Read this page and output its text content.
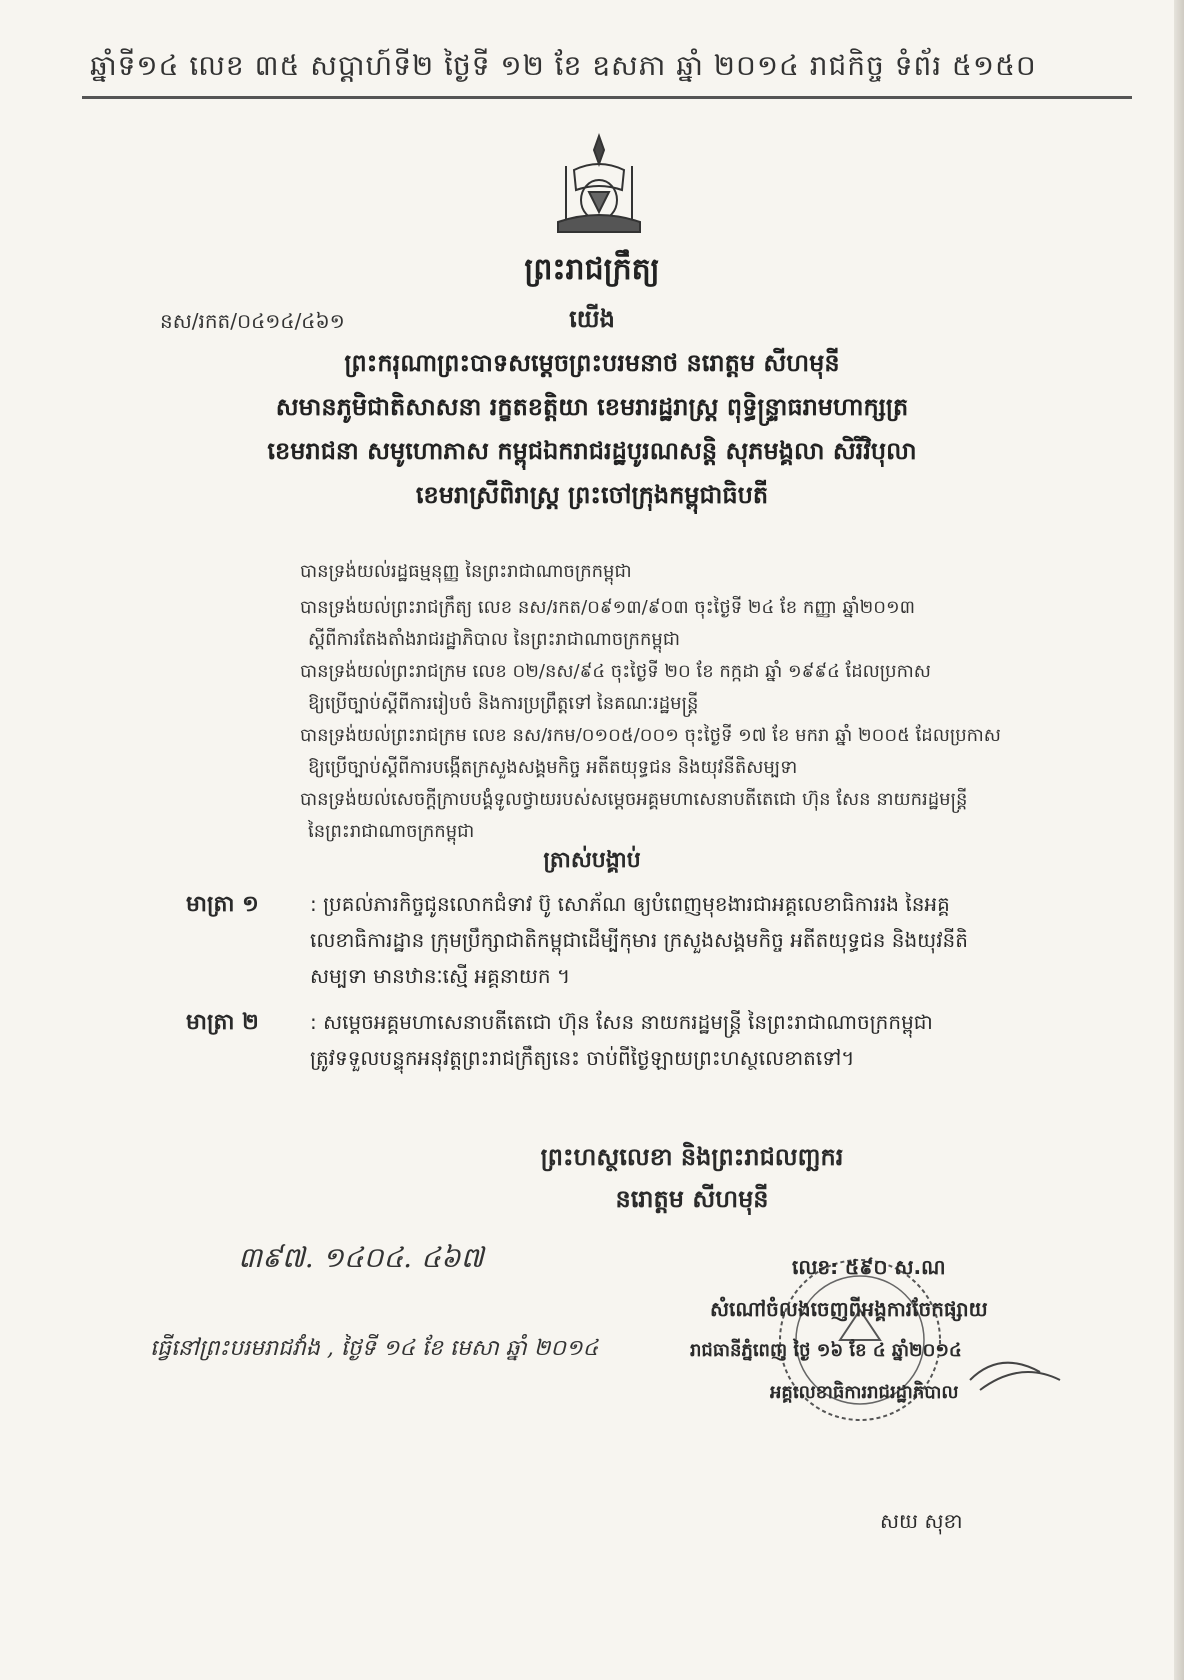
ឆ្នាំទី១៤ លេខ ៣៥ សប្តាហ៍ទី២ ថ្ងៃទី ១២ ខែ ឧសភា ឆ្នាំ ២០១៤ រាជកិច្ច ទំព័រ ៥១៥០
ព្រះរាជក្រឹត្យ
នស/រកត/០៤១៤/៤៦១	យើង
ព្រះករុណាព្រះបាទសម្តេចព្រះបរមនាថ នរោត្តម សីហមុនី
សមានភូមិជាតិសាសនា រក្ខតខត្តិយា ខេមរារដ្ឋរាស្ត្រ ពុទ្ធិន្ទ្រាធរាមហាក្សត្រ
ខេមរាជនា សមូហោភាស កម្ពុជឯករាជរដ្ឋបូរណសន្តិ សុភមង្គលា សិរីវិបុលា
ខេមរាស្រីពិរាស្ត្រ ព្រះចៅក្រុងកម្ពុជាធិបតី
បានទ្រង់យល់រដ្ឋធម្មនុញ្ញ នៃព្រះរាជាណាចក្រកម្ពុជា
បានទ្រង់យល់ព្រះរាជក្រឹត្យ លេខ នស/រកត/០៩១៣/៩០៣ ចុះថ្ងៃទី ២៤ ខែ កញ្ញា ឆ្នាំ២០១៣
ស្តីពីការតែងតាំងរាជរដ្ឋាភិបាល នៃព្រះរាជាណាចក្រកម្ពុជា
បានទ្រង់យល់ព្រះរាជក្រម លេខ ០២/នស/៩៤ ចុះថ្ងៃទី ២០ ខែ កក្កដា ឆ្នាំ ១៩៩៤ ដែលប្រកាស
ឱ្យប្រើច្បាប់ស្តីពីការរៀបចំ និងការប្រព្រឹត្តទៅ នៃគណៈរដ្ឋមន្ត្រី
បានទ្រង់យល់ព្រះរាជក្រម លេខ នស/រកម/០១០៥/០០១ ចុះថ្ងៃទី ១៧ ខែ មករា ឆ្នាំ ២០០៥ ដែលប្រកាស
ឱ្យប្រើច្បាប់ស្តីពីការបង្កើតក្រសួងសង្គមកិច្ច អតីតយុទ្ធជន និងយុវនីតិសម្បទា
បានទ្រង់យល់សេចក្តីក្រាបបង្គំទូលថ្វាយរបស់សម្តេចអគ្គមហាសេនាបតីតេជោ ហ៊ុន សែន នាយករដ្ឋមន្ត្រី
នៃព្រះរាជាណាចក្រកម្ពុជា
ត្រាស់បង្គាប់
មាត្រា ១	: ប្រគល់ភារកិច្ចជូនលោកជំទាវ ប៊ូ សោភ័ណ ឲ្យបំពេញមុខងារជាអគ្គលេខាធិការរង នៃអគ្គ
លេខាធិការដ្ឋាន ក្រុមប្រឹក្សាជាតិកម្ពុជាដើម្បីកុមារ ក្រសួងសង្គមកិច្ច អតីតយុទ្ធជន និងយុវនីតិ
សម្បទា មានឋានៈស្មើ អគ្គនាយក ។
មាត្រា ២	: សម្តេចអគ្គមហាសេនាបតីតេជោ ហ៊ុន សែន នាយករដ្ឋមន្ត្រី នៃព្រះរាជាណាចក្រកម្ពុជា
ត្រូវទទួលបន្ទុកអនុវត្តព្រះរាជក្រឹត្យនេះ ចាប់ពីថ្ងៃឡាយព្រះហស្ថលេខាតទៅ។
ព្រះហស្ថលេខា និងព្រះរាជលញ្ឆករ
នរោត្តម សីហមុនី
៣៩៧. ១៤០៤. ៤៦៧
ធ្វើនៅព្រះបរមរាជវាំង , ថ្ងៃទី ១៤ ខែ មេសា ឆ្នាំ ២០១៤
លេខ: ៥៩០ ស.ណ
សំណៅចំលងចេញពីអង្គការចែកផ្សាយ
រាជធានីភ្នំពេញ ថ្ងៃ ១៦ ខែ ៤ ឆ្នាំ២០១៤
អគ្គលេខាធិការរាជរដ្ឋាភិបាល
សយ សុខា
